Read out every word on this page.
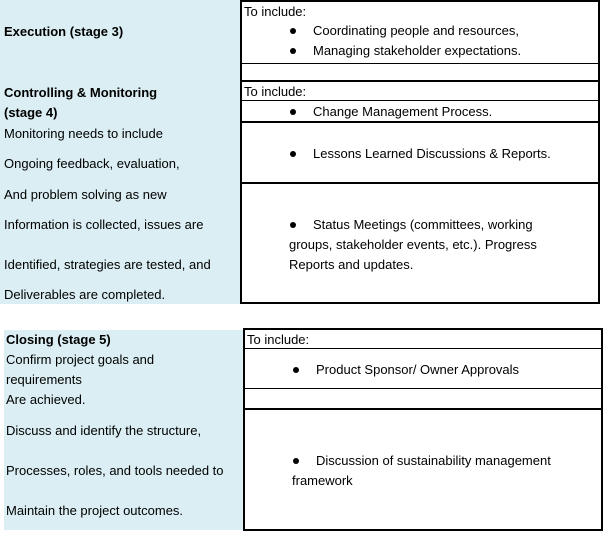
Execution (stage 3)
Controlling & Monitoring
(stage 4)
Monitoring needs to include
Ongoing feedback, evaluation,
And problem solving as new
Information is collected, issues are
Identified, strategies are tested, and
Deliverables are completed.
To include:
Coordinating people and resources,
Managing stakeholder expectations.
To include:
Change Management Process.
Lessons Learned Discussions & Reports.
Status Meetings (committees, working
groups, stakeholder events, etc.). Progress
Reports and updates.
Closing (stage 5)
Confirm project goals and
requirements
Are achieved.
Discuss and identify the structure,
Processes, roles, and tools needed to
Maintain the project outcomes.
To include:
Product Sponsor/ Owner Approvals
Discussion of sustainability management
framework
